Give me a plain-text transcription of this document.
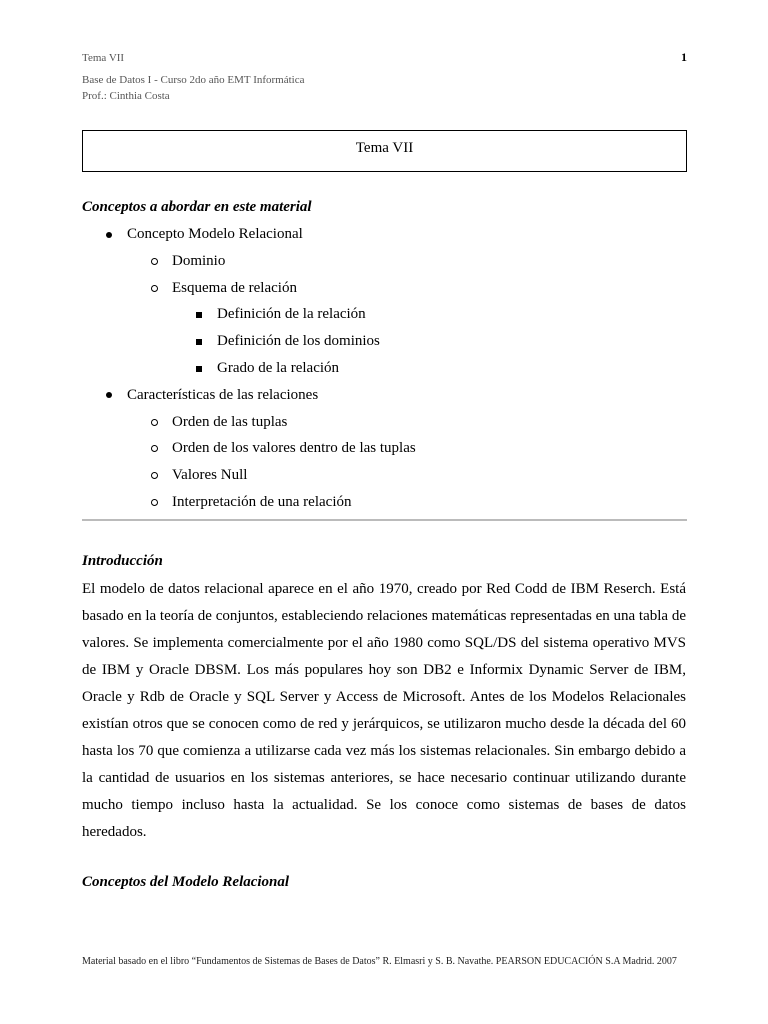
Tema VII
Base de Datos I - Curso 2do año EMT Informática
Prof.: Cinthia Costa
1
Tema VII
Conceptos a abordar en este material
Concepto Modelo Relacional
Dominio
Esquema de relación
Definición de la relación
Definición de los dominios
Grado de la relación
Características de las relaciones
Orden de las tuplas
Orden de los valores dentro de las tuplas
Valores Null
Interpretación de una relación
Introducción

El modelo de datos relacional aparece en el año 1970, creado por Red Codd de IBM Reserch. Está basado en la teoría de conjuntos, estableciendo relaciones matemáticas representadas en una tabla de valores. Se implementa comercialmente por el año 1980 como SQL/DS del sistema operativo MVS de IBM y Oracle DBSM. Los más populares hoy son DB2 e Informix Dynamic Server de IBM, Oracle y Rdb de Oracle y SQL Server y Access de Microsoft. Antes de los Modelos Relacionales existían otros que se conocen como de red y jerárquicos, se utilizaron mucho desde la década del 60 hasta los 70 que comienza a utilizarse cada vez más los sistemas relacionales. Sin embargo debido a la cantidad de usuarios en los sistemas anteriores, se hace necesario continuar utilizando durante mucho tiempo incluso hasta la actualidad. Se los conoce como sistemas de bases de datos heredados.

Conceptos del Modelo Relacional
Material basado en el libro “Fundamentos de Sistemas de Bases de Datos” R. Elmasri y S. B. Navathe. PEARSON EDUCACIÓN S.A Madrid. 2007
